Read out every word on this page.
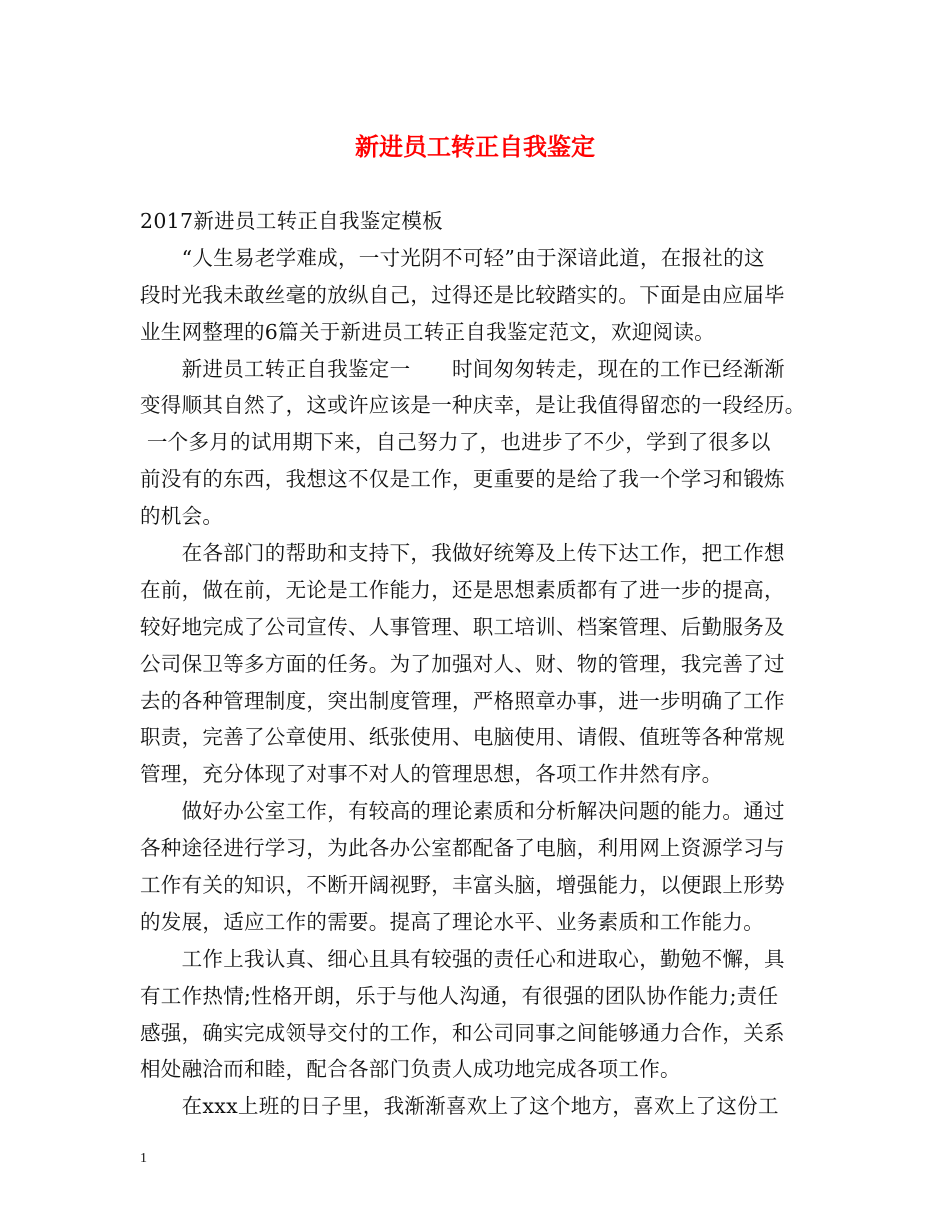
新进员工转正自我鉴定
2017新进员工转正自我鉴定模板
　　“人生易老学难成，一寸光阴不可轻”由于深谙此道，在报社的这
段时光我未敢丝毫的放纵自己，过得还是比较踏实的。下面是由应届毕
业生网整理的6篇关于新进员工转正自我鉴定范文，欢迎阅读。
　　新进员工转正自我鉴定一　　时间匆匆转走，现在的工作已经渐渐
变得顺其自然了，这或许应该是一种庆幸，是让我值得留恋的一段经历。
一个多月的试用期下来，自己努力了，也进步了不少，学到了很多以
前没有的东西，我想这不仅是工作，更重要的是给了我一个学习和锻炼
的机会。
　　在各部门的帮助和支持下，我做好统筹及上传下达工作，把工作想
在前，做在前，无论是工作能力，还是思想素质都有了进一步的提高，
较好地完成了公司宣传、人事管理、职工培训、档案管理、后勤服务及
公司保卫等多方面的任务。为了加强对人、财、物的管理，我完善了过
去的各种管理制度，突出制度管理，严格照章办事，进一步明确了工作
职责，完善了公章使用、纸张使用、电脑使用、请假、值班等各种常规
管理，充分体现了对事不对人的管理思想，各项工作井然有序。
　　做好办公室工作，有较高的理论素质和分析解决问题的能力。通过
各种途径进行学习，为此各办公室都配备了电脑，利用网上资源学习与
工作有关的知识，不断开阔视野，丰富头脑，增强能力，以便跟上形势
的发展，适应工作的需要。提高了理论水平、业务素质和工作能力。
　　工作上我认真、细心且具有较强的责任心和进取心，勤勉不懈，具
有工作热情;性格开朗，乐于与他人沟通，有很强的团队协作能力;责任
感强，确实完成领导交付的工作，和公司同事之间能够通力合作，关系
相处融洽而和睦，配合各部门负责人成功地完成各项工作。
　　在xxx上班的日子里，我渐渐喜欢上了这个地方，喜欢上了这份工
1
